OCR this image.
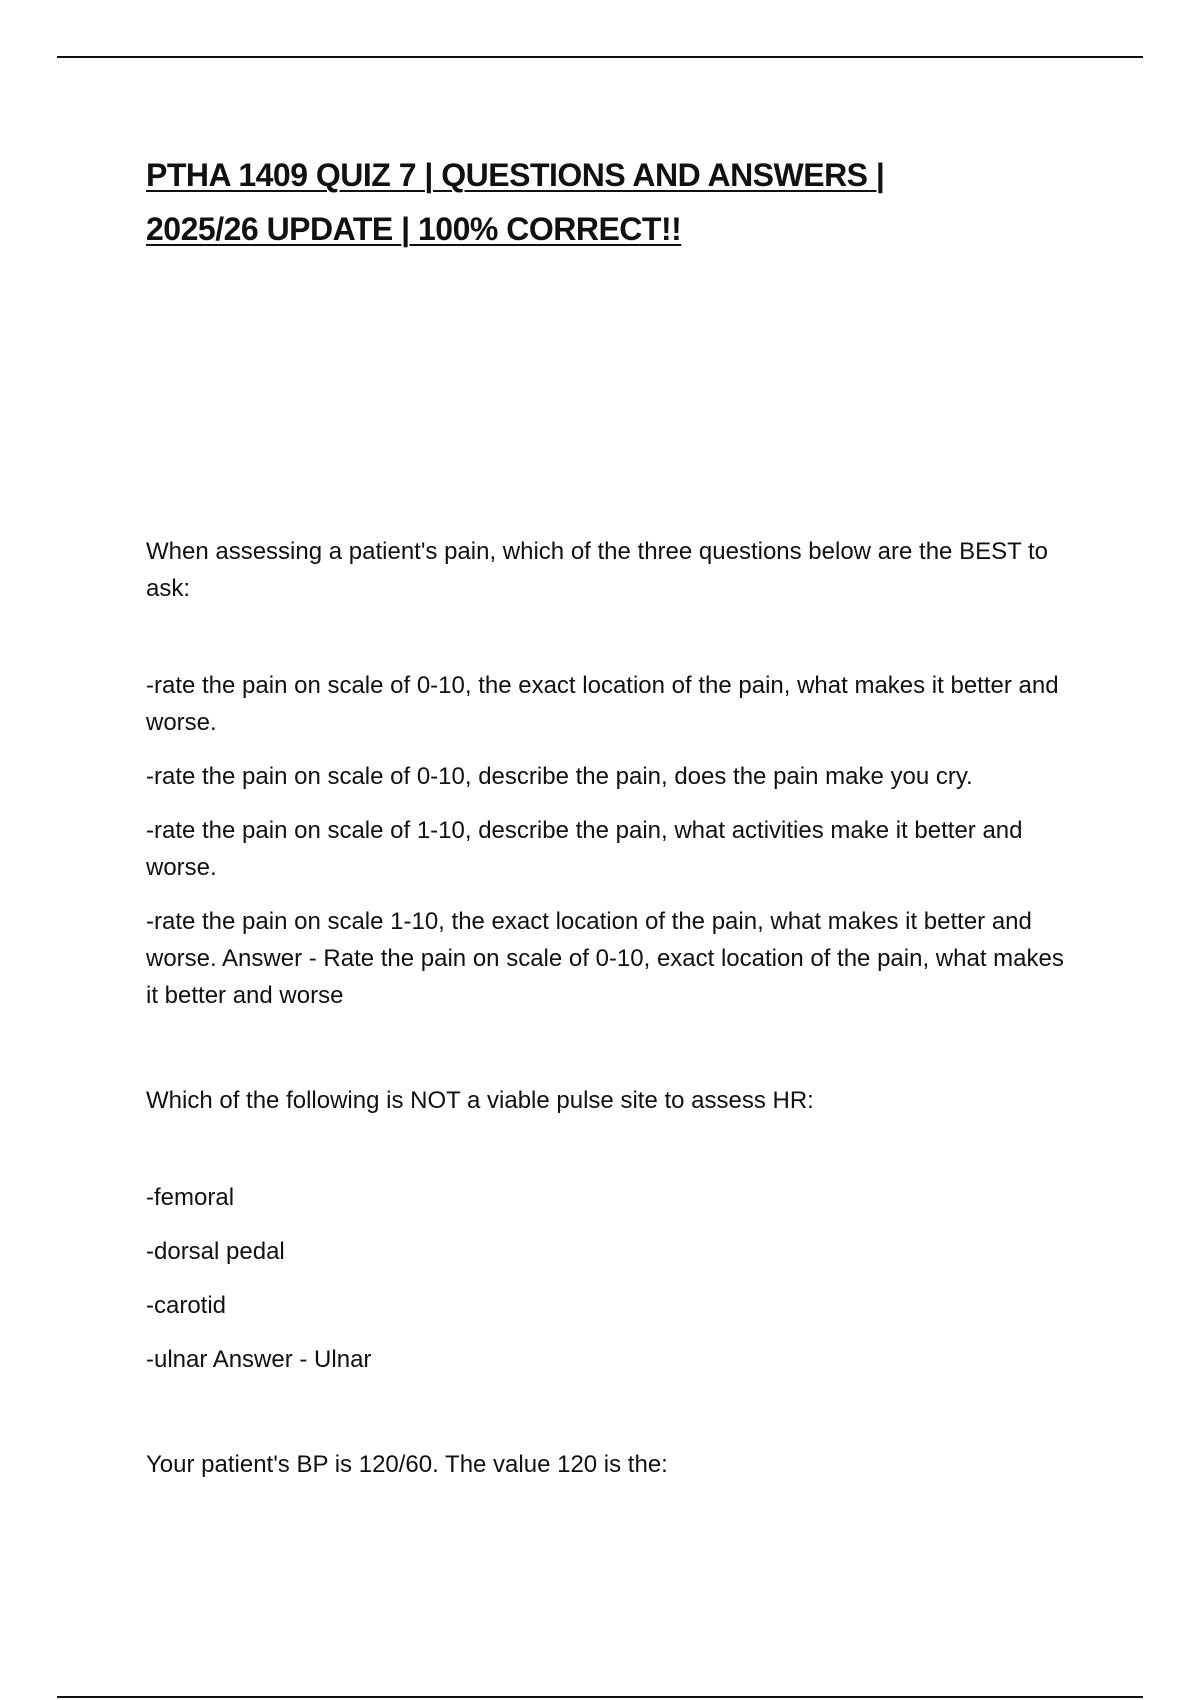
PTHA 1409 QUIZ 7 | QUESTIONS AND ANSWERS |
2025/26 UPDATE | 100% CORRECT!!

When assessing a patient's pain, which of the three questions below are the BEST to ask:

-rate the pain on scale of 0-10, the exact location of the pain, what makes it better and worse.
-rate the pain on scale of 0-10, describe the pain, does the pain make you cry.
-rate the pain on scale of 1-10, describe the pain, what activities make it better and worse.
-rate the pain on scale 1-10, the exact location of the pain, what makes it better and worse. Answer - Rate the pain on scale of 0-10, exact location of the pain, what makes it better and worse

Which of the following is NOT a viable pulse site to assess HR:

-femoral
-dorsal pedal
-carotid
-ulnar Answer - Ulnar

Your patient's BP is 120/60. The value 120 is the:
